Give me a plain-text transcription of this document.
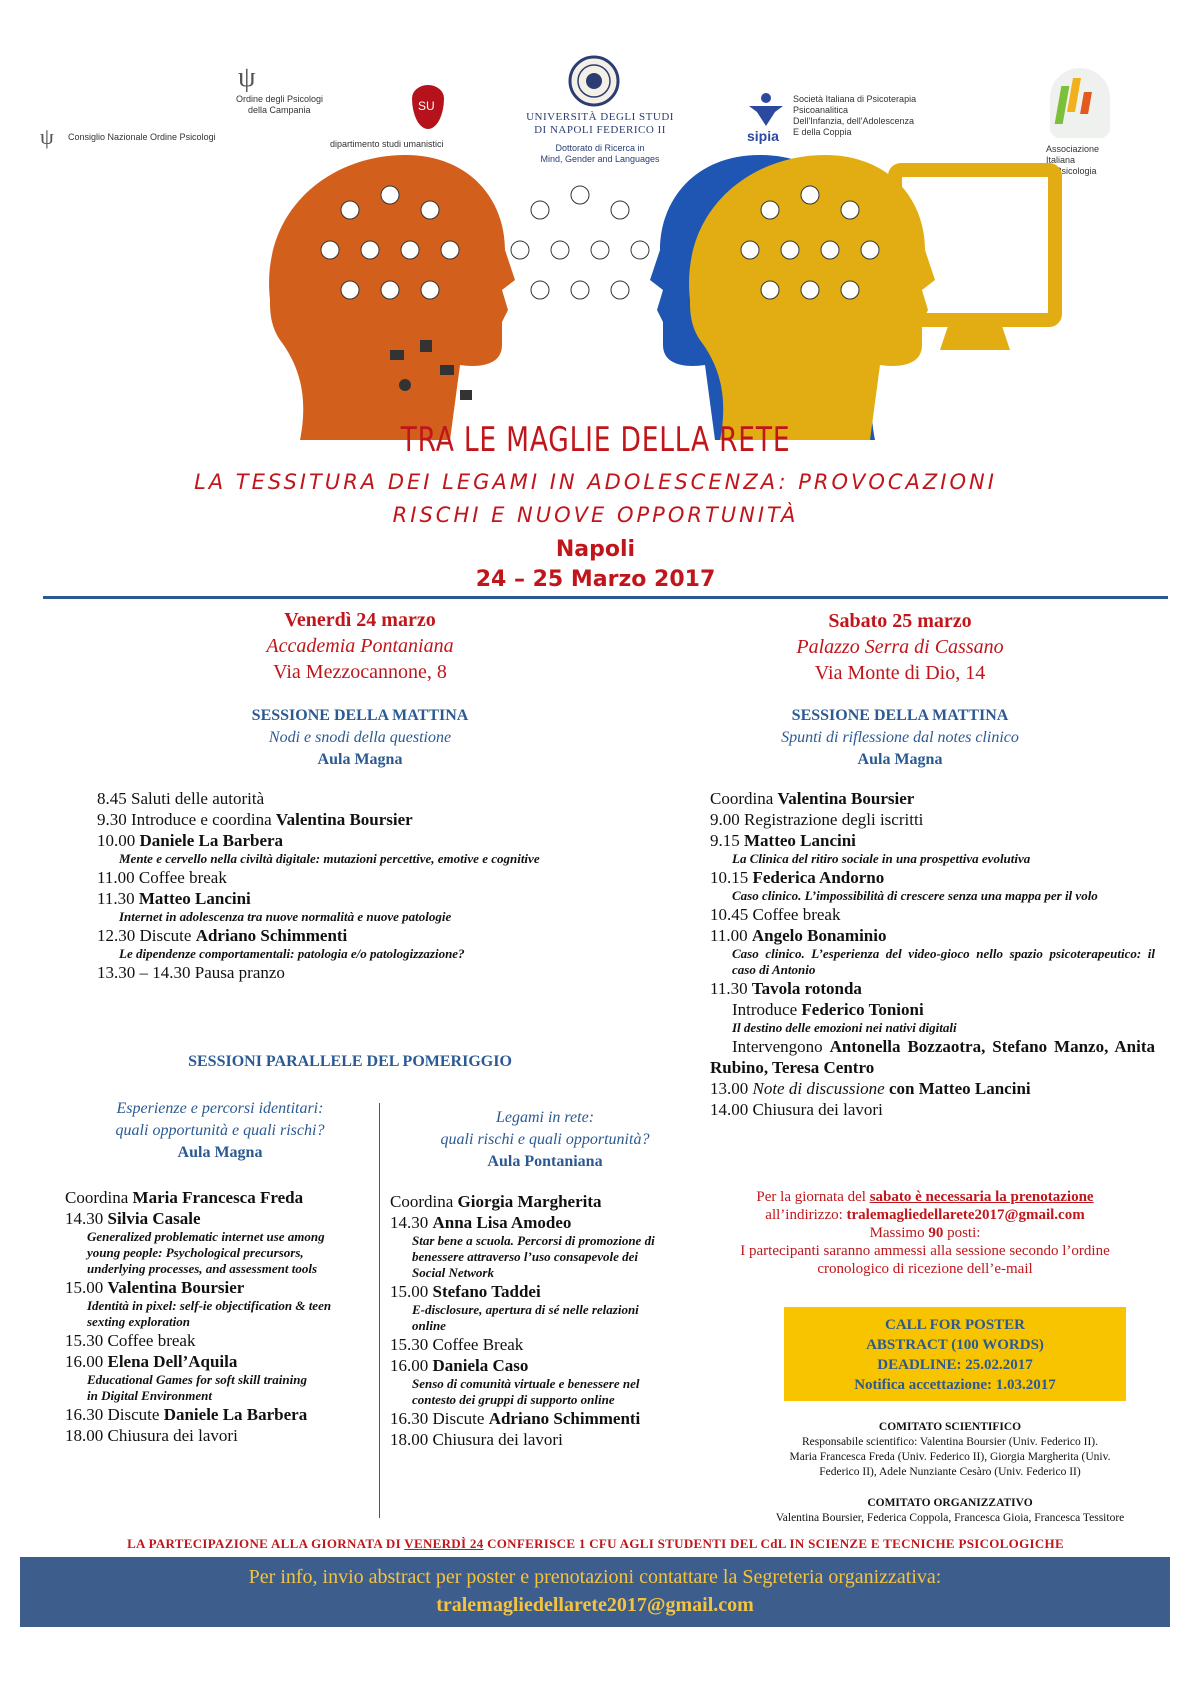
ψ Consiglio Nazionale Ordine Psicologi
ψ
Ordine degli Psicologi
della Campania	SU
dipartimento studi umanistici
UNIVERSITÀ DEGLI STUDI
DI NAPOLI FEDERICO II
Dottorato di Ricerca in
Mind, Gender and Languages
sipia
Società Italiana di Psicoterapia
Psicoanalitica
Dell'Infanzia, dell'Adolescenza
E della Coppia
Associazione
Italiana
di Psicologia
TRA LE MAGLIE DELLA RETE
LA TESSITURA DEI LEGAMI IN ADOLESCENZA: PROVOCAZIONI
RISCHI E NUOVE OPPORTUNITÀ
Napoli
24 – 25 Marzo 2017
Venerdì 24 marzo
Accademia Pontaniana
Via Mezzocannone, 8
SESSIONE DELLA MATTINA
Nodi e snodi della questione
Aula Magna
8.45 Saluti delle autorità
9.30 Introduce e coordina Valentina Boursier
10.00 Daniele La Barbera
Mente e cervello nella civiltà digitale: mutazioni percettive, emotive e cognitive
11.00 Coffee break
11.30 Matteo Lancini
Internet in adolescenza tra nuove normalità e nuove patologie
12.30 Discute Adriano Schimmenti
Le dipendenze comportamentali: patologia e/o patologizzazione?
13.30 – 14.30 Pausa pranzo
SESSIONI PARALLELE DEL POMERIGGIO
Esperienze e percorsi identitari:
quali opportunità e quali rischi?
Aula Magna
Legami in rete:
quali rischi e quali opportunità?
Aula Pontaniana
Coordina Maria Francesca Freda
14.30 Silvia Casale
Generalized problematic internet use among young people: Psychological precursors, underlying processes, and assessment tools
15.00 Valentina Boursier
Identità in pixel: self-ie objectification & teen sexting exploration
15.30 Coffee break
16.00 Elena Dell’Aquila
Educational Games for soft skill training in Digital Environment
16.30 Discute Daniele La Barbera
18.00 Chiusura dei lavori
Coordina Giorgia Margherita
14.30 Anna Lisa Amodeo
Star bene a scuola. Percorsi di promozione di benessere attraverso l’uso consapevole dei Social Network
15.00 Stefano Taddei
E-disclosure, apertura di sé nelle relazioni online
15.30 Coffee Break
16.00 Daniela Caso
Senso di comunità virtuale e benessere nel contesto dei gruppi di supporto online
16.30 Discute Adriano Schimmenti
18.00 Chiusura dei lavori
Sabato 25 marzo
Palazzo Serra di Cassano
Via Monte di Dio, 14
SESSIONE DELLA MATTINA
Spunti di riflessione dal notes clinico
Aula Magna
Coordina Valentina Boursier
9.00 Registrazione degli iscritti
9.15 Matteo Lancini
La Clinica del ritiro sociale in una prospettiva evolutiva
10.15 Federica Andorno
Caso clinico. L’impossibilità di crescere senza una mappa per il volo
10.45 Coffee break
11.00 Angelo Bonaminio
Caso clinico. L’esperienza del video-gioco nello spazio psicoterapeutico: il caso di Antonio
11.30 Tavola rotonda
Introduce Federico Tonioni
Il destino delle emozioni nei nativi digitali
Intervengono Antonella Bozzaotra, Stefano Manzo, Anita Rubino, Teresa Centro
13.00 Note di discussione con Matteo Lancini
14.00 Chiusura dei lavori
Per la giornata del sabato è necessaria la prenotazione
all’indirizzo: tralemagliedellarete2017@gmail.com
Massimo 90 posti:
I partecipanti saranno ammessi alla sessione secondo l’ordine
cronologico di ricezione dell’e-mail
CALL FOR POSTER
ABSTRACT (100 WORDS)
DEADLINE: 25.02.2017
Notifica accettazione: 1.03.2017
COMITATO SCIENTIFICO
Responsabile scientifico: Valentina Boursier (Univ. Federico II).
Maria Francesca Freda (Univ. Federico II), Giorgia Margherita (Univ.
Federico II), Adele Nunziante Cesàro (Univ. Federico II)
COMITATO ORGANIZZATIVO
Valentina Boursier, Federica Coppola, Francesca Gioia, Francesca Tessitore
LA PARTECIPAZIONE ALLA GIORNATA DI VENERDÌ 24 CONFERISCE 1 CFU AGLI STUDENTI DEL CdL IN SCIENZE E TECNICHE PSICOLOGICHE
Per info, invio abstract per poster e prenotazioni contattare la Segreteria organizzativa:
tralemagliedellarete2017@gmail.com
